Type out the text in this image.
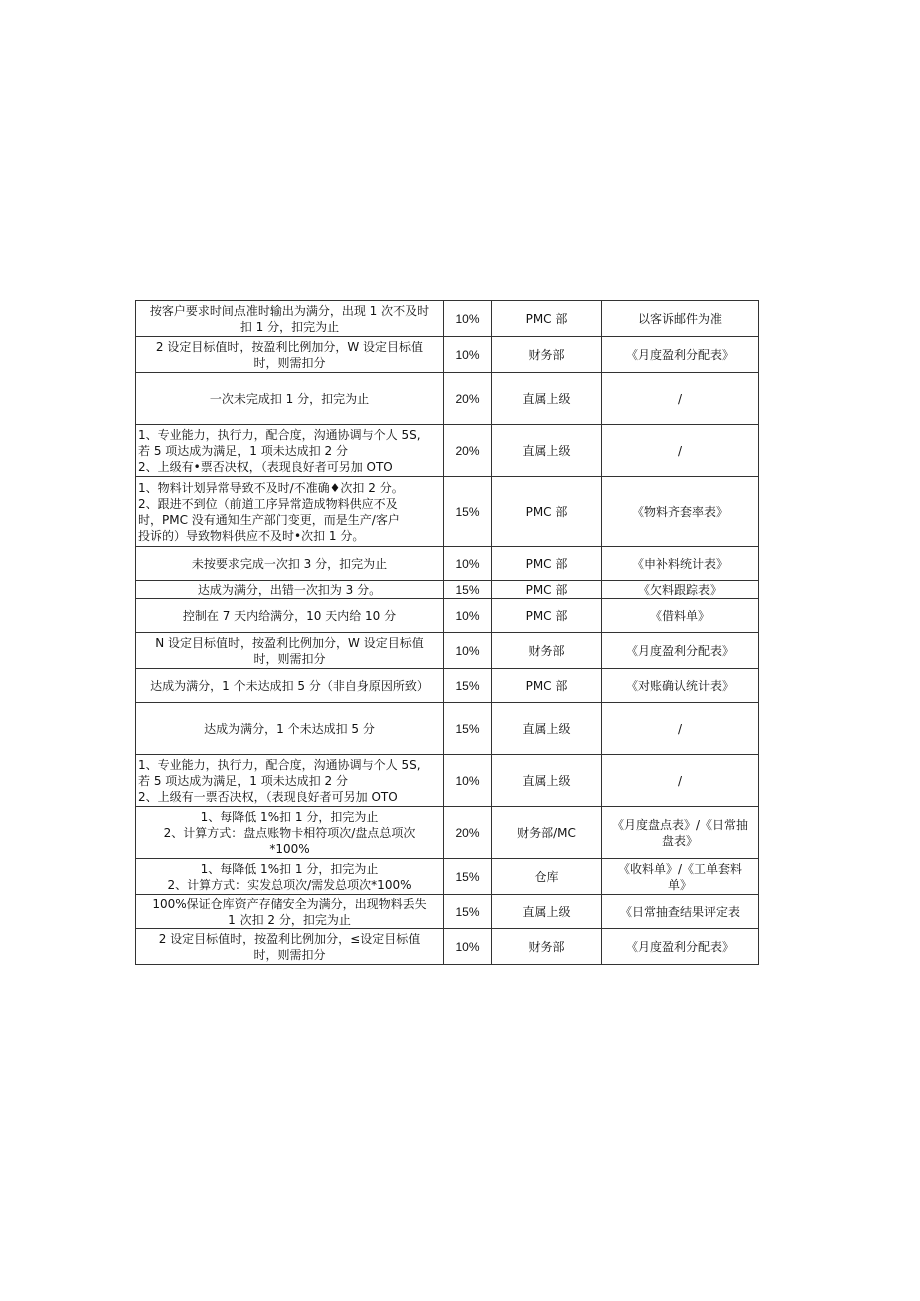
按客户要求时间点准时输出为满分，出现 1 次不及时
扣 1 分，扣完为止	10%	PMC 部	以客诉邮件为准

2 设定目标值时，按盈利比例加分，W 设定目标值
时，则需扣分	10%	财务部	《月度盈利分配表》

一次未完成扣 1 分，扣完为止	20%	直属上级	/

1、专业能力，执行力，配合度，沟通协调与个人 5S,
若 5 项达成为满足，1 项未达成扣 2 分
2、上级有•票否决权，（表现良好者可另加 OTO	20%	直属上级	/

1、物料计划异常导致不及时/不准确♦次扣 2 分。
2、跟进不到位（前道工序异常造成物料供应不及
时，PMC 没有通知生产部门变更，而是生产/客户
投诉的）导致物料供应不及时•次扣 1 分。	15%	PMC 部	《物料齐套率表》

未按要求完成一次扣 3 分，扣完为止	10%	PMC 部	《申补料统计表》

达成为满分，出错一次扣为 3 分。	15%	PMC 部	《欠料跟踪表》

控制在 7 天内给满分，10 天内给 10 分	10%	PMC 部	《借料单》

N 设定目标值时，按盈利比例加分，W 设定目标值
时，则需扣分	10%	财务部	《月度盈利分配表》

达成为满分，1 个未达成扣 5 分（非自身原因所致）	15%	PMC 部	《对账确认统计表》

达成为满分，1 个未达成扣 5 分	15%	直属上级	/

1、专业能力，执行力，配合度，沟通协调与个人 5S,
若 5 项达成为满足，1 项未达成扣 2 分
2、上级有一票否决权，（表现良好者可另加 OTO	10%	直属上级	/

1、每降低 1%扣 1 分，扣完为止
2、计算方式：盘点账物卡相符项次/盘点总项次
*100%	20%	财务部/MC	《月度盘点表》/《日常抽
盘表》

1、每降低 1%扣 1 分，扣完为止
2、计算方式：实发总项次/需发总项次*100%	15%	仓库	《收料单》/《工单套料
单》

100%保证仓库资产存储安全为满分，出现物料丢失
1 次扣 2 分，扣完为止	15%	直属上级	《日常抽查结果评定表

2 设定目标值时，按盈利比例加分，≤设定目标值
时，则需扣分	10%	财务部	《月度盈利分配表》
